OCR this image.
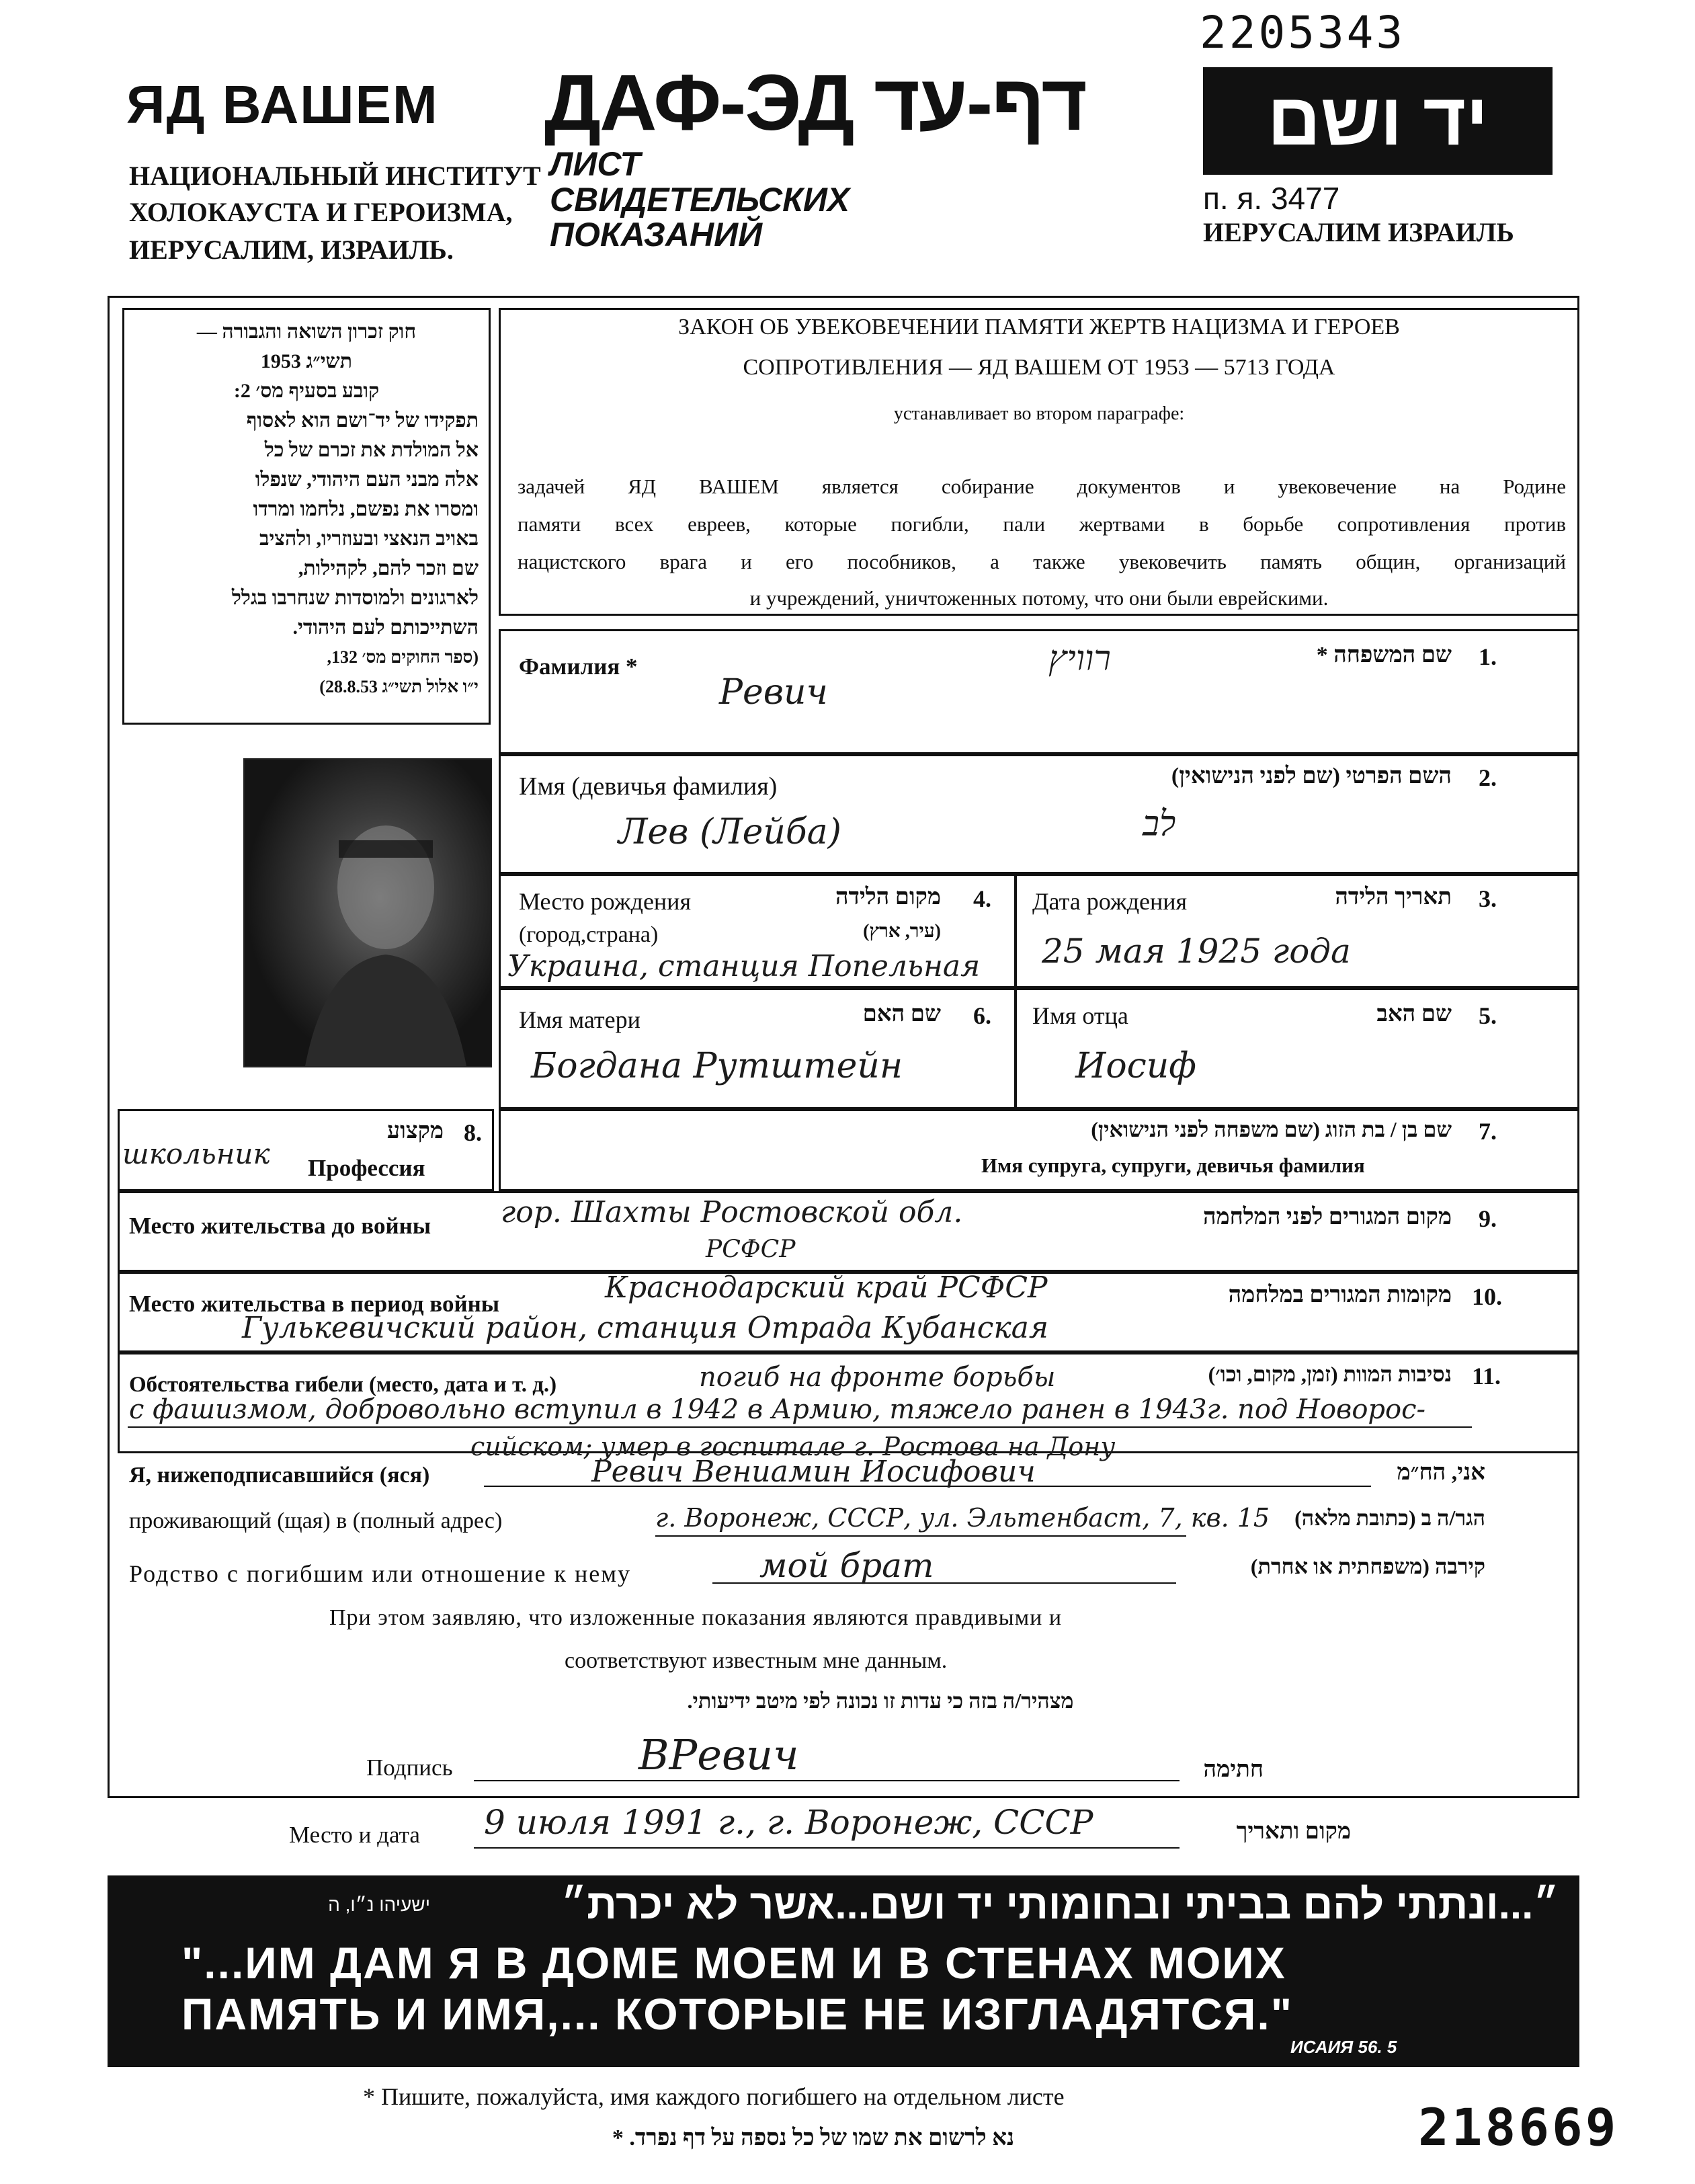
2205343
ЯД ВАШЕМ
НАЦИОНАЛЬНЫЙ ИНСТИТУТ
ХОЛОКАУСТА И ГЕРОИЗМА,
ИЕРУСАЛИМ, ИЗРАИЛЬ.
ДАФ-ЭД דף-עד
ЛИСТ
СВИДЕТЕЛЬСКИХ
ПОКАЗАНИЙ
יד ושם
п. я. 3477
ИЕРУСАЛИМ ИЗРАИЛЬ
חוק זכרון השואה והגבורה —
תשי״ג 1953
קובע בסעיף מס׳ 2:
תפקידו של יד־ושם הוא לאסוף
אל המולדת את זכרם של כל
אלה מבני העם היהודי, שנפלו
ומסרו את נפשם, נלחמו ומרדו
באויב הנאצי ובעוזריו, ולהציב
שם וזכר להם, לקהילות,
לארגונים ולמוסדות שנחרבו בגלל
השתייכותם לעם היהודי.
(ספר החוקים מס׳ 132,
י״ו אלול תשי״ג 28.8.53)
ЗАКОН ОБ УВЕКОВЕЧЕНИИ ПАМЯТИ ЖЕРТВ НАЦИЗМА И ГЕРОЕВ
СОПРОТИВЛЕНИЯ — ЯД ВАШЕМ ОТ 1953 — 5713 ГОДА
устанавливает во втором параграфе:
задачей ЯД ВАШЕМ является собирание документов и увековечение на Родине
памяти всех евреев, которые погибли, пали жертвами в борьбе сопротивления против
нацистского врага и его пособников, а также увековечить память общин, организаций
и учреждений, уничтоженных потому, что они были еврейскими.
Фамилия *	שם המשפחה * 1.
Ревич
רוויץ
Имя (девичья фамилия)	השם הפרטי (שם לפני הנישואין) 2.
Лев (Лейба)	לב
Место рождения
(город,страна)
מקום הלידה
(עיר, ארץ)
4.
Украина, станция Попельная
Дата рождения	תאריך הלידה 3.
25 мая 1925 года
Имя матери	שם האם 6.
Богдана Рутштейн
Имя отца	שם האב 5.
Иосиф
מקצוע 8.
Профессия
школьник
שם בן / בת הזוג (שם משפחה לפני הנישואין) 7.
Имя супруга, супруги, девичья фамилия
Место жительства до войны	מקום המגורים לפני המלחמה 9.
гор. Шахты Ростовской обл.
РСФСР
Место жительства в период войны	מקומות המגורים במלחמה 10.
Краснодарский край РСФСР
Гулькевичский район, станция Отрада Кубанская
Обстоятельства гибели (место, дата и т. д.)	נסיבות המוות (זמן, מקום, וכו׳) 11.
погиб на фронте борьбы
с фашизмом, добровольно вступил в 1942 в Армию, тяжело ранен в 1943г. под Новорос-
сийском; умер в госпитале г. Ростова на Дону
Я, нижеподписавшийся (яся)	Ревич Вениамин Иосифович	אני, הח״מ
проживающий (щая) в (полный адрес)	г. Воронеж, СССР, ул. Эльтенбаст, 7, кв. 15	הגר/ה ב (כתובת מלאה)
Родство с погибшим или отношение к нему	мой брат	קירבה (משפחתית או אחרת)
При этом заявляю, что изложенные показания являются правдивыми и
соответствуют известным мне данным.
מצהיר/ה בזה כי עדות זו נכונה לפי מיטב ידיעותי.
Подпись	ВРевич	חתימה
Место и дата 9 июля 1991 г., г. Воронеж, СССР	מקום ותאריך
״...ונתתי להם בביתי ובחומותי יד ושם...אשר לא יכרת״
ישעיהו נ״ו, ה
"...ИМ ДАМ Я В ДОМЕ МОЕМ И В СТЕНАХ МОИХ
ПАМЯТЬ И ИМЯ,... КОТОРЫЕ НЕ ИЗГЛАДЯТСЯ."
ИСАИЯ 56. 5
* Пишите, пожалуйста, имя каждого погибшего на отдельном листе
נא לרשום את שמו של כל נספה על דף נפרד. *	218669
